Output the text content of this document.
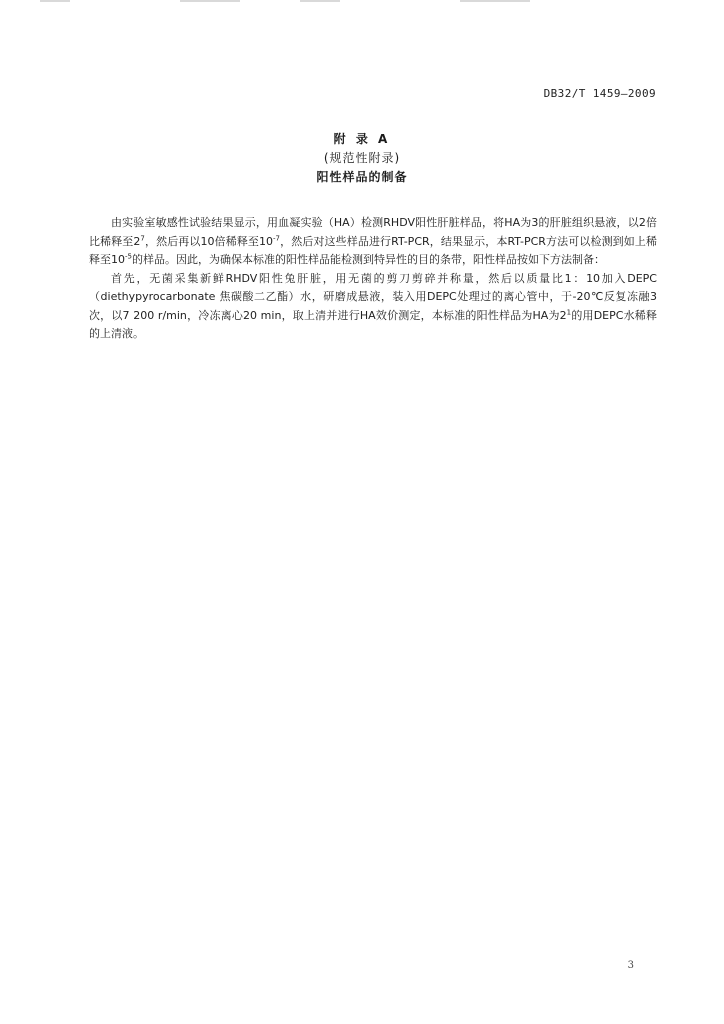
DB32/T 1459—2009
附 录 A
(规范性附录)
阳性样品的制备

由实验室敏感性试验结果显示，用血凝实验（HA）检测RHDV阳性肝脏样品，将HA为3的肝脏组织悬液，以2倍比稀释至$2^7$，然后再以10倍稀释至$10^{-7}$，然后对这些样品进行RT-PCR，结果显示，本RT-PCR方法可以检测到如上稀释至$10^{-5}$的样品。因此，为确保本标准的阳性样品能检测到特异性的目的条带，阳性样品按如下方法制备：

首先，无菌采集新鲜RHDV阳性兔肝脏，用无菌的剪刀剪碎并称量，然后以质量比1：10加入DEPC（diethypyrocarbonate 焦碳酸二乙酯）水，研磨成悬液，装入用DEPC处理过的离心管中，于-20℃反复冻融3次，以7 200 r/min，冷冻离心20 min，取上清并进行HA效价测定，本标准的阳性样品为HA为$2^1$的用DEPC水稀释的上清液。

3
